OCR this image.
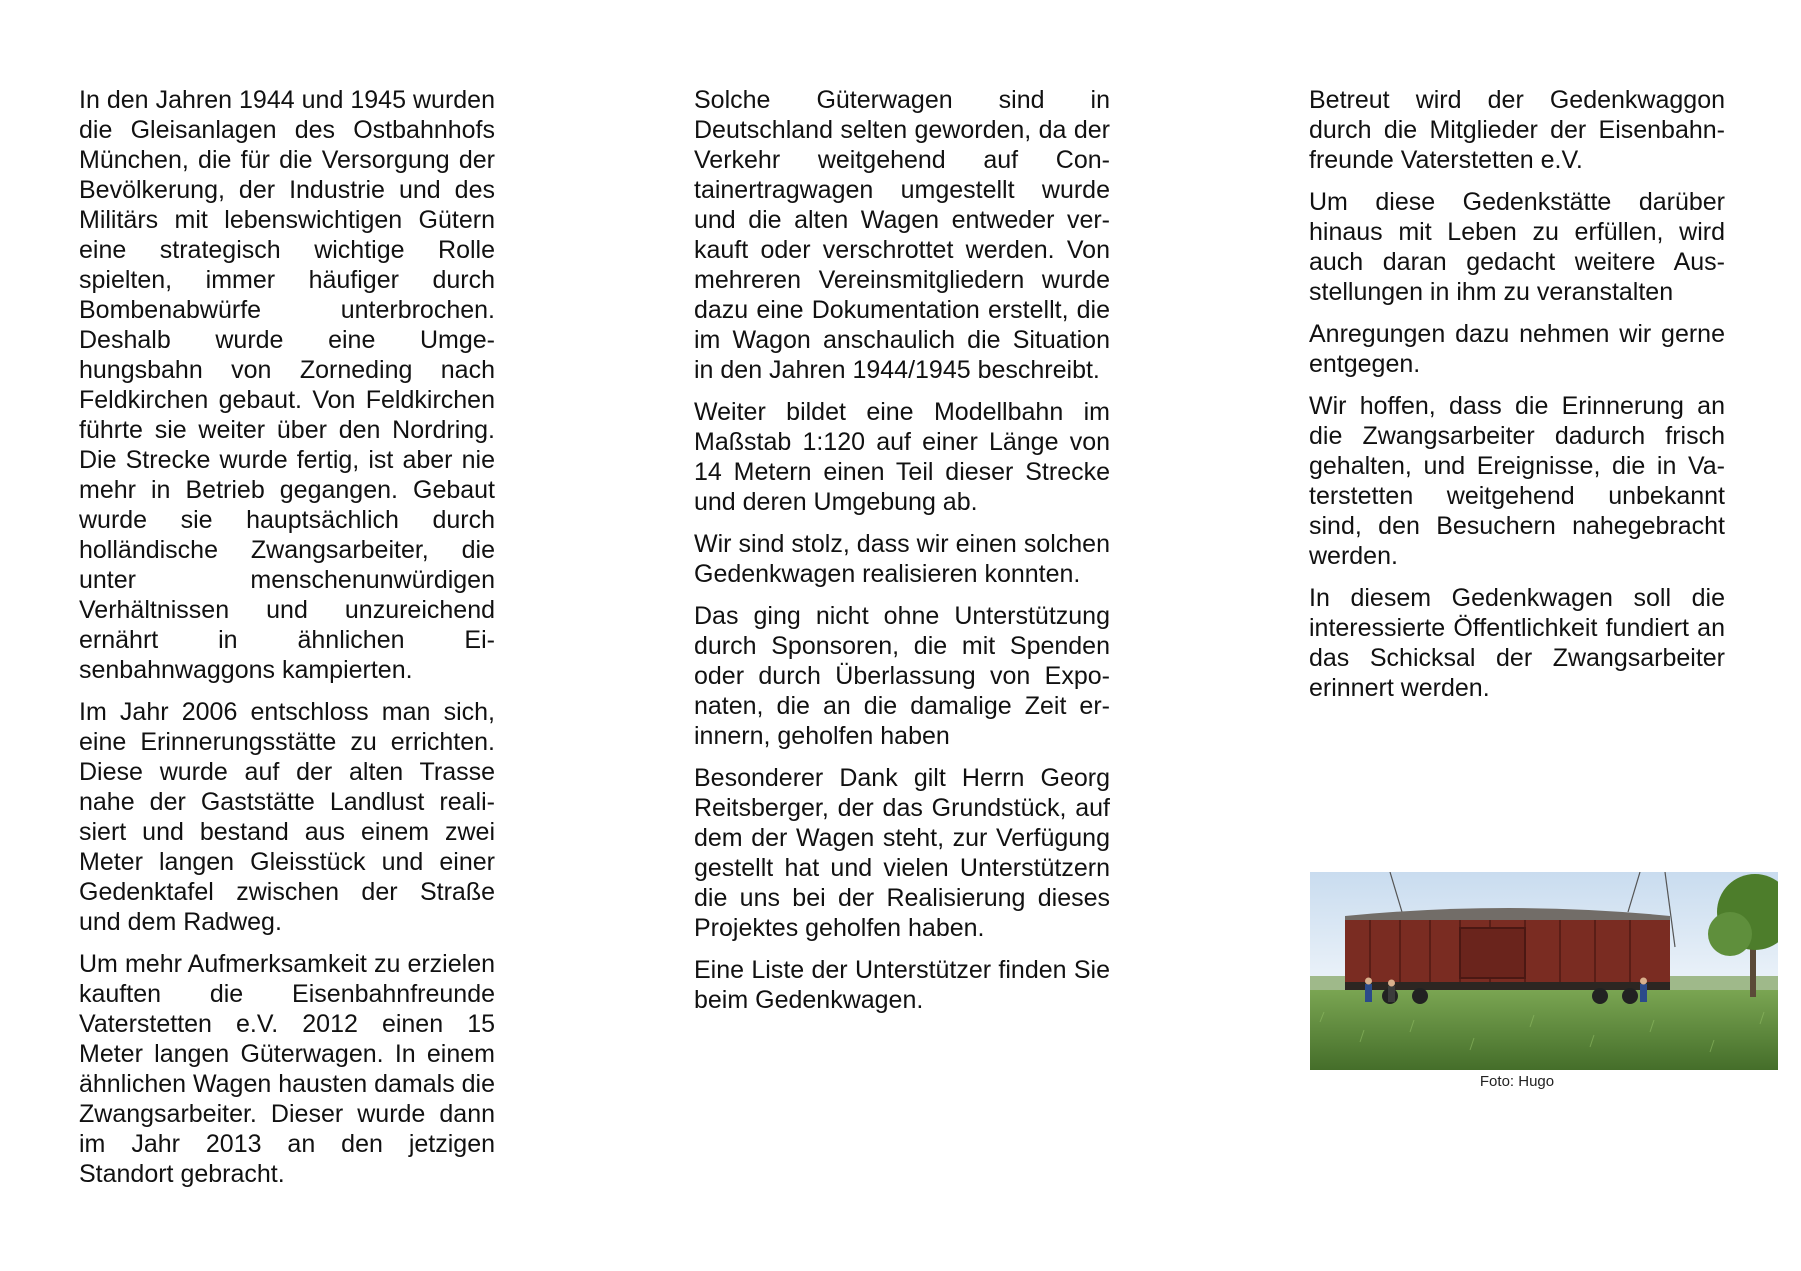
In den Jahren 1944 und 1945 wurden die Gleisanlagen des Ostbahnhofs München, die für die Versorgung der Bevölkerung, der Industrie und des Militärs mit lebenswichtigen Gütern eine strategisch wichtige Rolle spielten, immer häufiger durch Bombenabwürfe unterbrochen. Deshalb wurde eine Umgehungsbahn von Zorneding nach Feldkirchen gebaut. Von Feldkirchen führte sie weiter über den Nordring. Die Strecke wurde fertig, ist aber nie mehr in Betrieb gegangen. Gebaut wurde sie hauptsächlich durch holländische Zwangsarbeiter, die unter menschenunwürdigen Verhältnissen und unzureichend ernährt in ähnlichen Eisenbahnwaggons kampierten.

Im Jahr 2006 entschloss man sich, eine Erinnerungsstätte zu errichten. Diese wurde auf der alten Trasse nahe der Gaststätte Landlust realisiert und bestand aus einem zwei Meter langen Gleisstück und einer Gedenktafel zwischen der Straße und dem Radweg.

Um mehr Aufmerksamkeit zu erzielen kauften die Eisenbahnfreunde Vaterstetten e.V. 2012 einen 15 Meter langen Güterwagen. In einem ähnlichen Wagen hausten damals die Zwangsarbeiter. Dieser wurde dann im Jahr 2013 an den jetzigen Standort gebracht.

Solche Güterwagen sind in Deutschland selten geworden, da der Verkehr weitgehend auf Containertragwagen umgestellt wurde und die alten Wagen entweder verkauft oder verschrottet werden. Von mehreren Vereinsmitgliedern wurde dazu eine Dokumentation erstellt, die im Wagon anschaulich die Situation in den Jahren 1944/1945 beschreibt.

Weiter bildet eine Modellbahn im Maßstab 1:120 auf einer Länge von 14 Metern einen Teil dieser Strecke und deren Umgebung ab.

Wir sind stolz, dass wir einen solchen Gedenkwagen realisieren konnten.

Das ging nicht ohne Unterstützung durch Sponsoren, die mit Spenden oder durch Überlassung von Exponaten, die an die damalige Zeit erinnern, geholfen haben

Besonderer Dank gilt Herrn Georg Reitsberger, der das Grundstück, auf dem der Wagen steht, zur Verfügung gestellt hat und vielen Unterstützern die uns bei der Realisierung dieses Projektes geholfen haben.

Eine Liste der Unterstützer finden Sie beim Gedenkwagen.

Betreut wird der Gedenkwaggon durch die Mitglieder der Eisenbahnfreunde Vaterstetten e.V.

Um diese Gedenkstätte darüber hinaus mit Leben zu erfüllen, wird auch daran gedacht weitere Ausstellungen in ihm zu veranstalten

Anregungen dazu nehmen wir gerne entgegen.

Wir hoffen, dass die Erinnerung an die Zwangsarbeiter dadurch frisch gehalten, und Ereignisse, die in Vaterstetten weitgehend unbekannt sind, den Besuchern nahegebracht werden.

In diesem Gedenkwagen soll die interessierte Öffentlichkeit fundiert an das Schicksal der Zwangsarbeiter erinnert werden.

Foto: Hugo
